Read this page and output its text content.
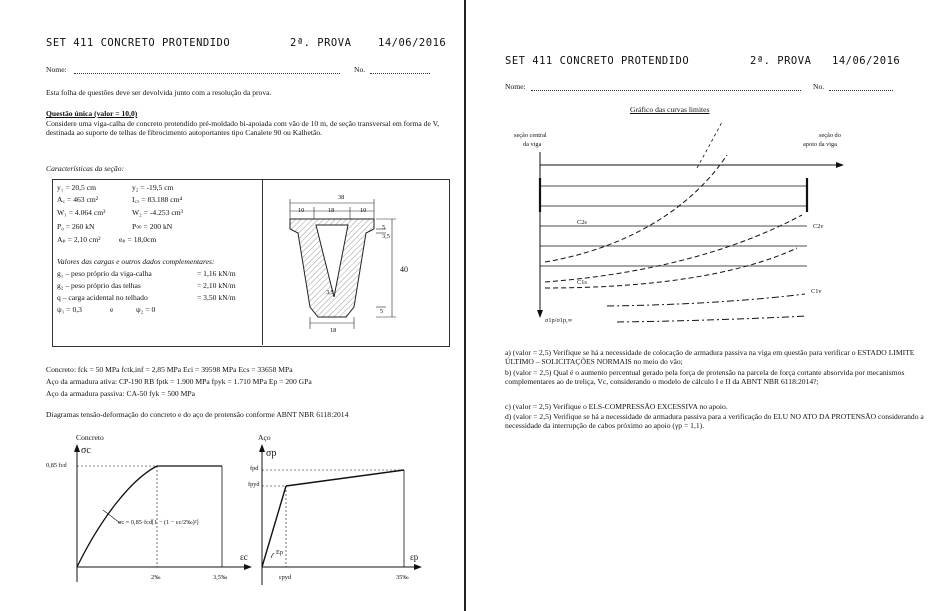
SET 411 CONCRETO PROTENDIDO	2ª. PROVA	14/06/2016
Nome:	No.
Esta folha de questões deve ser devolvida junto com a resolução da prova.
Questão única (valor = 10,0)
Considere uma viga-calha de concreto protendido pré-moldado bi-apoiada com vão de 10 m, de seção transversal em forma de V, destinada ao suporte de telhas de fibrocimento autoportantes tipo Canalete 90 ou Kalhetão.
Características da seção:
y₁ = 20,5 cm	y₂ = -19,5 cm
A꜀ = 463 cm²	I꜀ₓ = 83.188 cm⁴
W₁ = 4.064 cm³	W₂ = -4.253 cm³
P₀ = 260 kN	P∞ = 200 kN
Aₚ = 2,10 cm² eₚ = 18,0cm
Valores das cargas e outros dados complementares:
g₁ – peso próprio da viga-calha	= 1,16 kN/m
g₂ – peso próprio das telhas	= 2,10 kN/m
q – carga acidental no telhado	= 3,50 kN/m
ψ₁ = 0,3	e	ψ₂ = 0
38
10	18	10
5
3,5
40
3,5
5
18
Concreto: fck = 50 MPa fctk,inf = 2,85 MPa Eci = 39598 MPa Ecs = 33658 MPa
Aço da armadura ativa: CP-190 RB fptk = 1.900 MPa fpyk = 1.710 MPa Ep = 200 GPa
Aço da armadura passiva: CA-50 fyk = 500 MPa
Diagramas tensão-deformação do concreto e do aço de protensão conforme ABNT NBR 6118:2014
Concreto
σc
0,85 fcd
σc = 0,85·fcd[1 − (1 − εc/2‰)²]
εc
2‰	3,5‰
Aço
σp
fpd
fpyd
Ep	εp
εpyd	35‰
SET 411 CONCRETO PROTENDIDO	2ª. PROVA 14/06/2016
Nome:	No.
Gráfico das curvas limites
seção central
da viga
seção do
apoio da viga
C2s
C2v
C1s
C1v
σ1p/σ1p,∞
a) (valor = 2,5) Verifique se há a necessidade de colocação de armadura passiva na viga em questão para verificar o ESTADO LIMITE ÚLTIMO – SOLICITAÇÕES NORMAIS no meio do vão;
b) (valor = 2,5) Qual é o aumento percentual gerado pela força de protensão na parcela de força cortante absorvida por mecanismos complementares ao de treliça, Vc, considerando o modelo de cálculo I e II da ABNT NBR 6118:2014?;
c) (valor = 2,5) Verifique o ELS-COMPRESSÃO EXCESSIVA no apoio.
d) (valor = 2,5) Verifique se há a necessidade de armadura passiva para a verificação do ELU NO ATO DA PROTENSÃO considerando a necessidade da interrupção de cabos próximo ao apoio (γp = 1,1).
